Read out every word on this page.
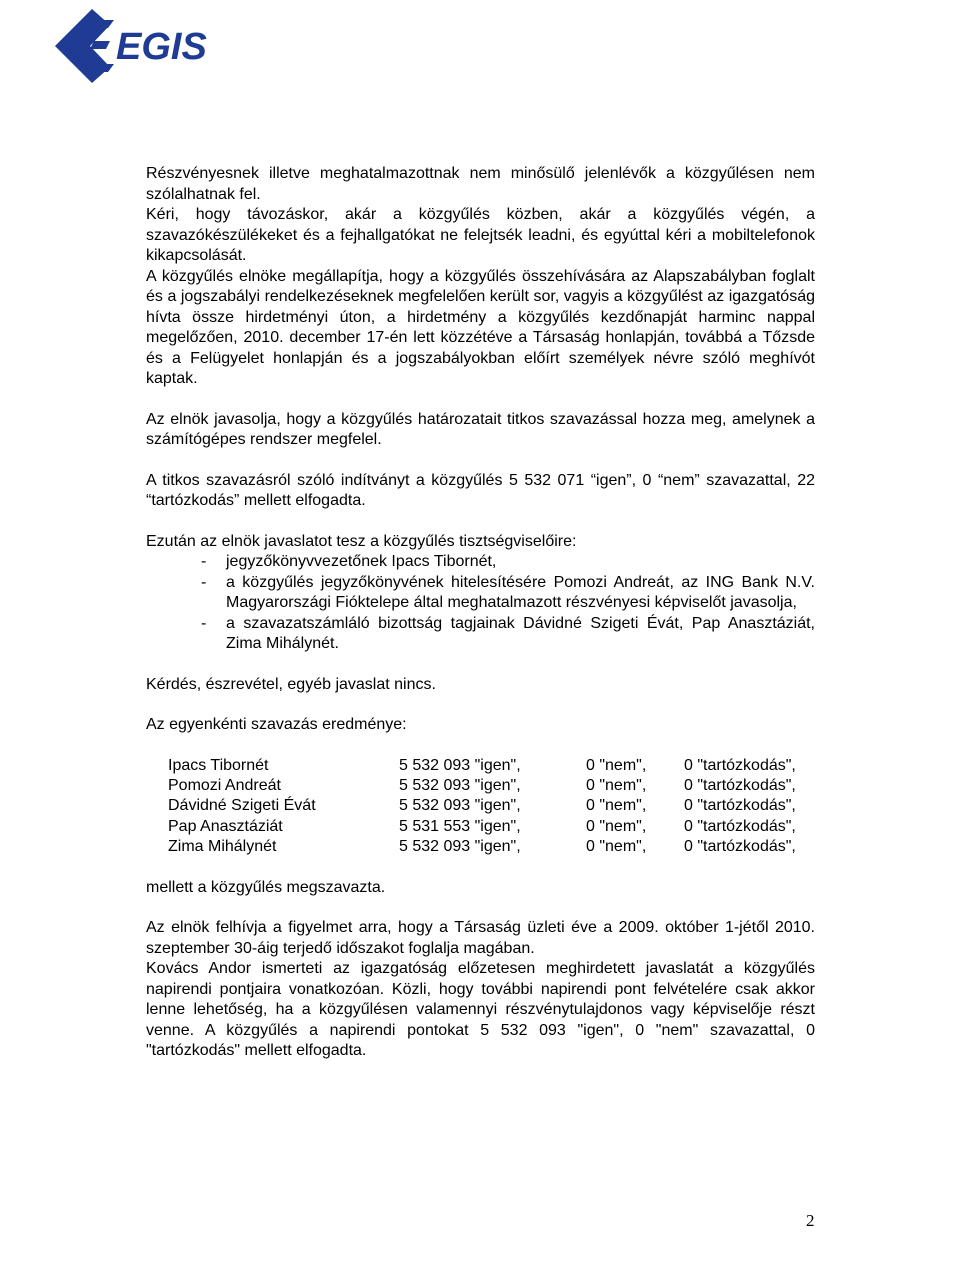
EGIS

Részvényesnek illetve meghatalmazottnak nem minősülő jelenlévők a közgyűlésen nem szólalhatnak fel.

Kéri, hogy távozáskor, akár a közgyűlés közben, akár a közgyűlés végén, a szavazókészülékeket és a fejhallgatókat ne felejtsék leadni, és egyúttal kéri a mobiltelefonok kikapcsolását.

A közgyűlés elnöke megállapítja, hogy a közgyűlés összehívására az Alapszabályban foglalt és a jogszabályi rendelkezéseknek megfelelően került sor, vagyis a közgyűlést az igazgatóság hívta össze hirdetményi úton, a hirdetmény a közgyűlés kezdőnapját harminc nappal megelőzően, 2010. december 17-én lett közzétéve a Társaság honlapján, továbbá a Tőzsde és a Felügyelet honlapján és a jogszabályokban előírt személyek névre szóló meghívót kaptak.

Az elnök javasolja, hogy a közgyűlés határozatait titkos szavazással hozza meg, amelynek a számítógépes rendszer megfelel.

A titkos szavazásról szóló indítványt a közgyűlés 5 532 071 “igen”, 0 “nem” szavazattal, 22 “tartózkodás” mellett elfogadta.

Ezután az elnök javaslatot tesz a közgyűlés tisztségviselőire:

- jegyzőkönyvvezetőnek Ipacs Tibornét,
- a közgyűlés jegyzőkönyvének hitelesítésére Pomozi Andreát, az ING Bank N.V. Magyarországi Fióktelepe által meghatalmazott részvényesi képviselőt javasolja,
- a szavazatszámláló bizottság tagjainak Dávidné Szigeti Évát, Pap Anasztáziát, Zima Mihálynét.

Kérdés, észrevétel, egyéb javaslat nincs.

Az egyenkénti szavazás eredménye:

Ipacs Tibornét	5 532 093 "igen",	0 "nem",	0 "tartózkodás",
Pomozi Andreát	5 532 093 "igen",	0 "nem",	0 "tartózkodás",
Dávidné Szigeti Évát	5 532 093 "igen",	0 "nem",	0 "tartózkodás",
Pap Anasztáziát	5 531 553 "igen",	0 "nem",	0 "tartózkodás",
Zima Mihálynét	5 532 093 "igen",	0 "nem",	0 "tartózkodás",

mellett a közgyűlés megszavazta.

Az elnök felhívja a figyelmet arra, hogy a Társaság üzleti éve a 2009. október 1-jétől 2010. szeptember 30-áig terjedő időszakot foglalja magában.

Kovács Andor ismerteti az igazgatóság előzetesen meghirdetett javaslatát a közgyűlés napirendi pontjaira vonatkozóan. Közli, hogy további napirendi pont felvételére csak akkor lenne lehetőség, ha a közgyűlésen valamennyi részvénytulajdonos vagy képviselője részt venne. A közgyűlés a napirendi pontokat 5 532 093 "igen", 0 "nem" szavazattal, 0 "tartózkodás" mellett elfogadta.

2
